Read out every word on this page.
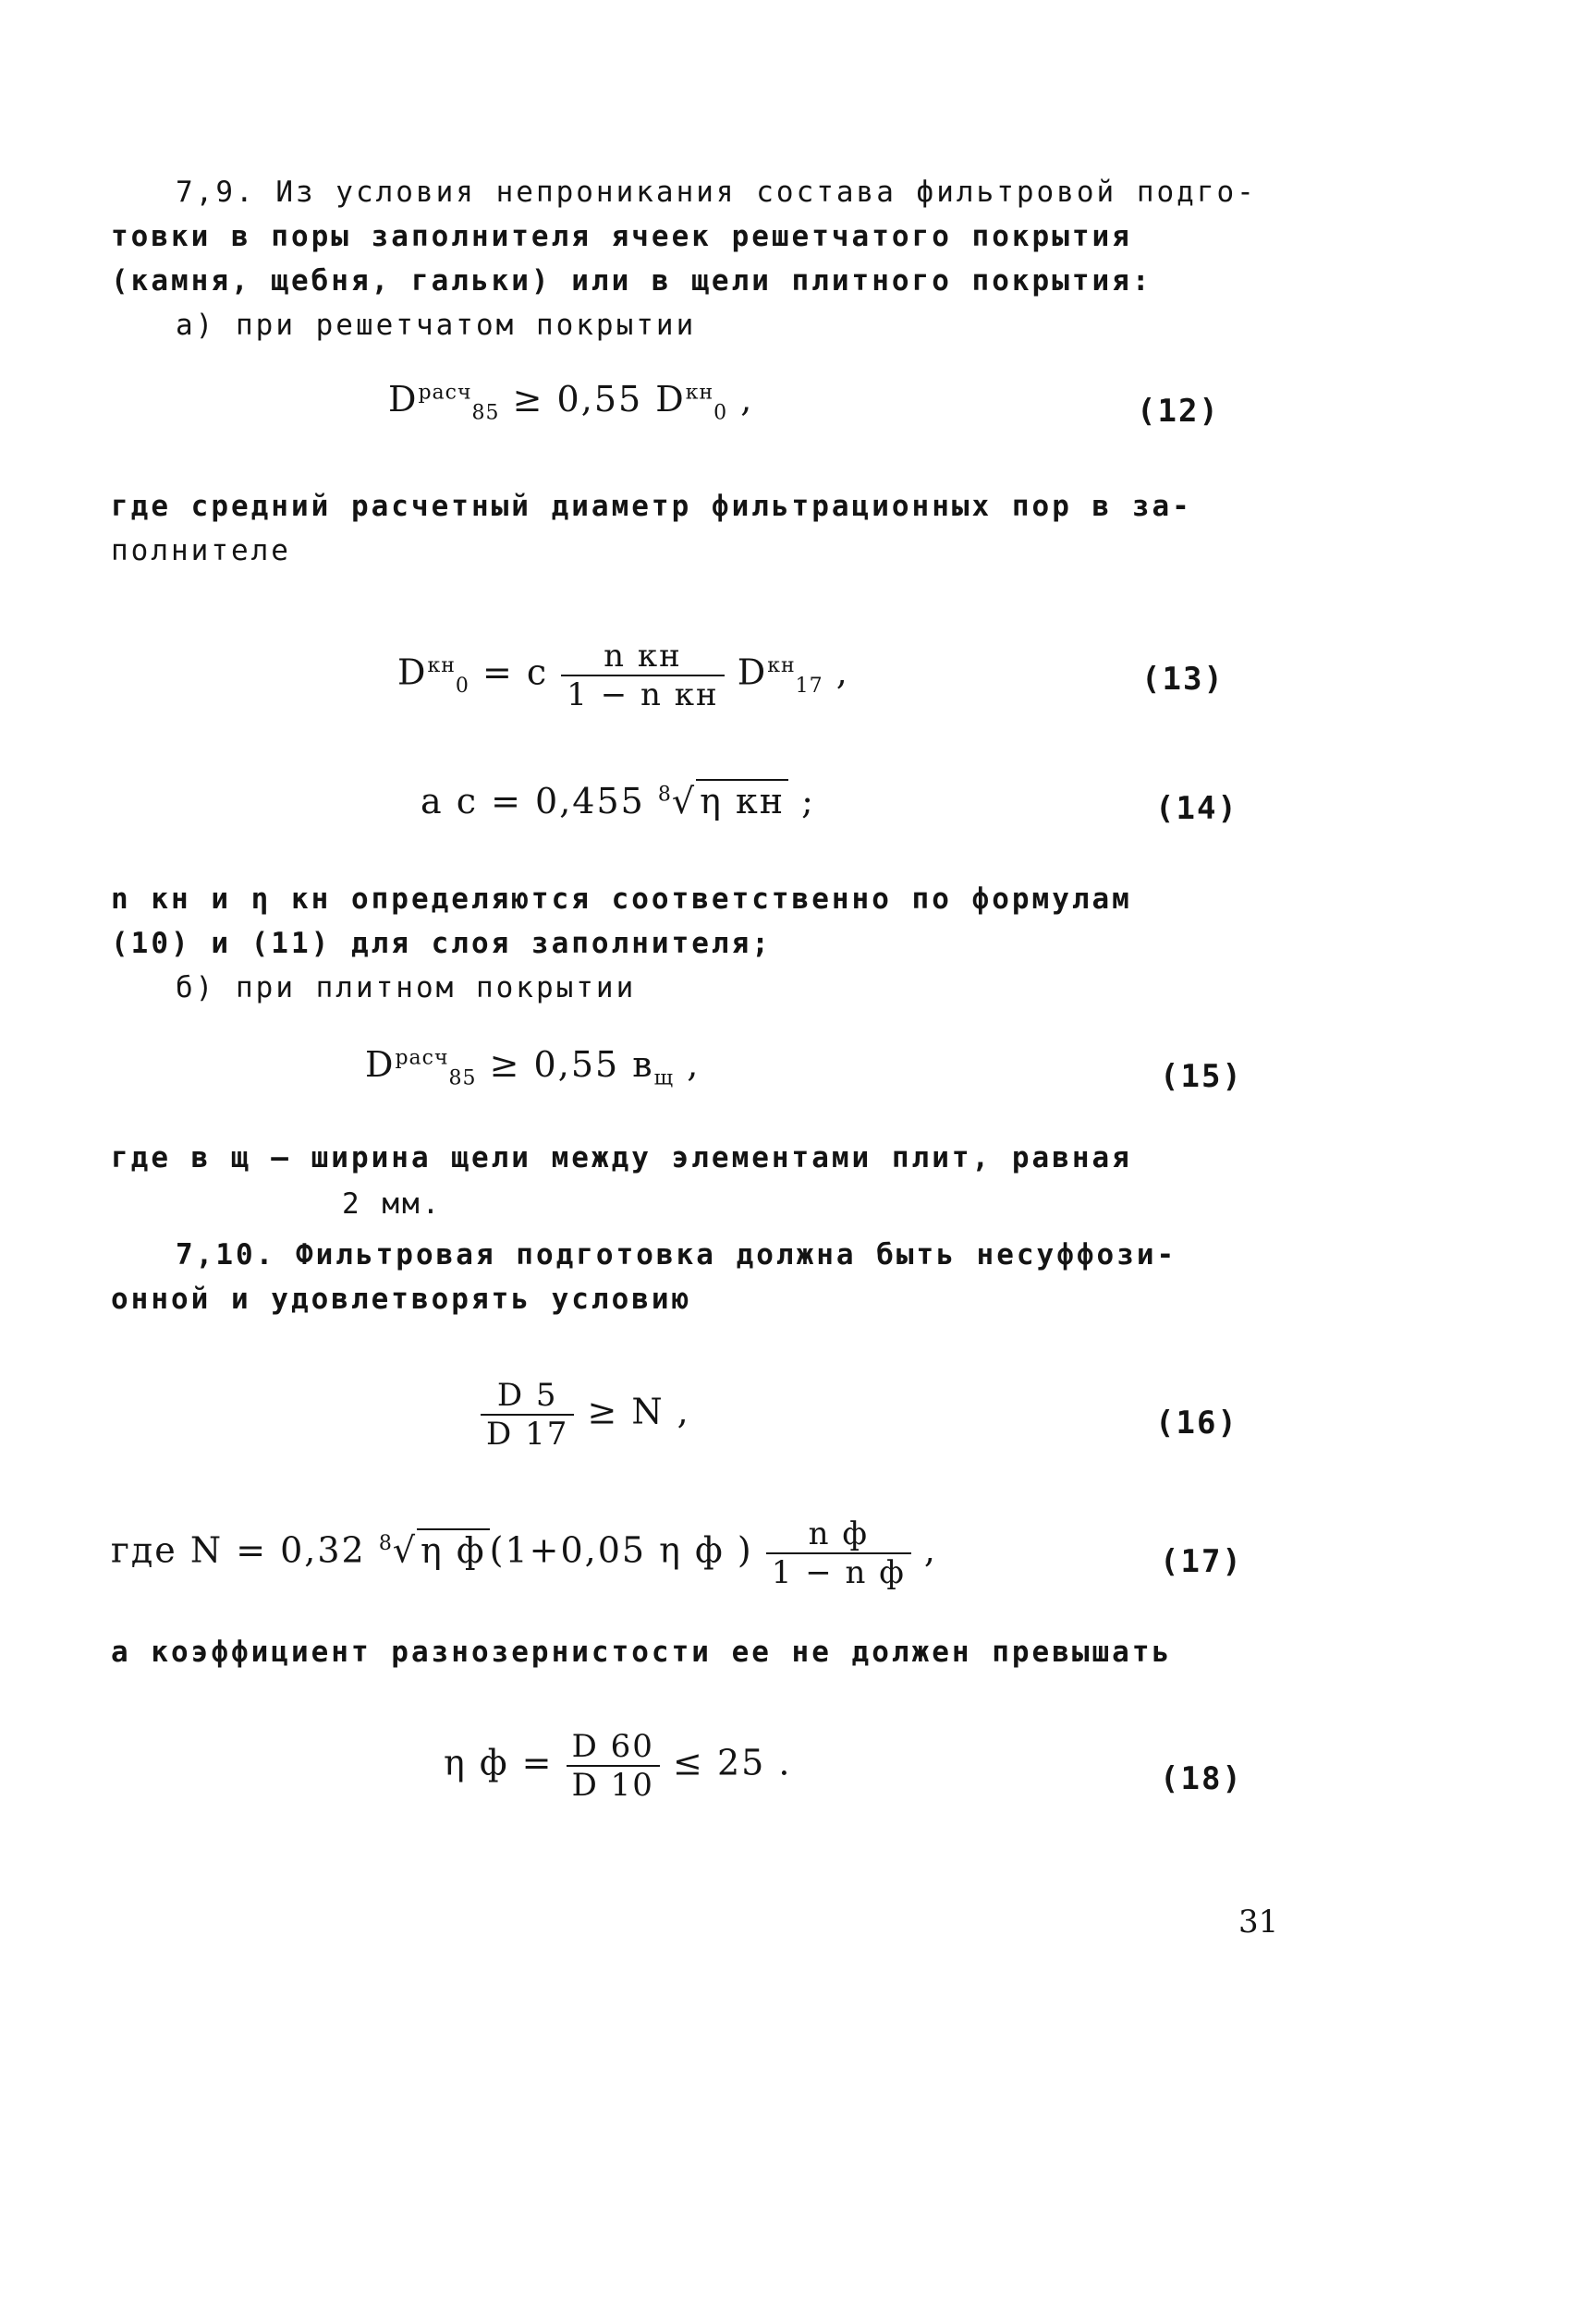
7,9. Из условия непроникания состава фильтровой подго-
товки в поры заполнителя ячеек решетчатого покрытия
(камня, щебня, гальки) или в щели плитного покрытия:
а) при решетчатом покрытии
$D^{расч}_{85} \ge 0,55$ $D^{кн}_0$ ,	(12)
где средний расчетный диаметр фильтрационных пор в за-
полнителе
$D^{кн}_0 = c \frac{\text{n кн}}{\text{1 − n кн}} D^{кн}_{17}$ ,	(13)
а c = 0,455 $^8$√ η кн ;	(14)
n кн и η кн определяются соответственно по формулам
(10) и (11) для слоя заполнителя;
б) при плитном покрытии
$D^{расч}_{85} \ge 0,55$ $в_щ$ ,	(15)
где в щ – ширина щели между элементами плит, равная
2 мм.
7,10. Фильтровая подготовка должна быть несуффози-
онной и удовлетворять условию
$\frac{D 5}{D 17} \ge N$ ,	(16)
где N = 0,32 $^8$√ η ф (1+0,05 η ф ) $\frac{\text{n ф}}{\text{1 − n ф}}$ ,	(17)
а коэффициент разнозернистости ее не должен превышать
η $ф = \frac{D 60}{D 10} \le 25$ .	(18)
31
